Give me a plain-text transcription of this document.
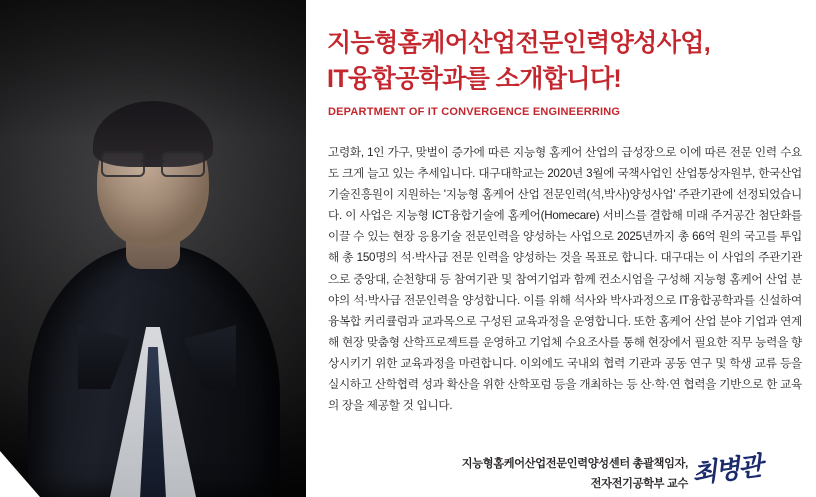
지능형홈케어산업전문인력양성사업,
IT융합공학과를 소개합니다!
DEPARTMENT OF IT CONVERGENCE ENGINEERRING
고령화, 1인 가구, 맞벌이 증가에 따른 지능형 홈케어 산업의 급성장으로 이에 따른 전문 인력 수요도 크게 늘고 있는 추세입니다. 대구대학교는 2020년 3월에 국책사업인 산업통상자원부, 한국산업기술진흥원이 지원하는 '지능형 홈케어 산업 전문인력(석,박사)양성사업' 주관기관에 선정되었습니다. 이 사업은 지능형 ICT융합기술에 홈케어(Homecare) 서비스를 결합해 미래 주거공간 첨단화를 이끌 수 있는 현장 응용기술 전문인력을 양성하는 사업으로 2025년까지 총 66억 원의 국고를 투입해 총 150명의 석·박사급 전문 인력을 양성하는 것을 목표로 합니다. 대구대는 이 사업의 주관기관으로 중앙대, 순천향대 등 참여기관 및 참여기업과 함께 컨소시엄을 구성해 지능형 홈케어 산업 분야의 석·박사급 전문인력을 양성합니다. 이를 위해 석사와 박사과정으로 IT융합공학과를 신설하여 융복합 커리큘럼과 교과목으로 구성된 교육과정을 운영합니다. 또한 홈케어 산업 분야 기업과 연계해 현장 맞춤형 산학프로젝트를 운영하고 기업체 수요조사를 통해 현장에서 필요한 직무 능력을 향상시키기 위한 교육과정을 마련합니다. 이외에도 국내외 협력 기관과 공동 연구 및 학생 교류 등을 실시하고 산학협력 성과 확산을 위한 산학포럼 등을 개최하는 등 산·학·연 협력을 기반으로 한 교육의 장을 제공할 것 입니다.
지능형홈케어산업전문인력양성센터 총괄책임자,
전자전기공학부 교수 최병관
